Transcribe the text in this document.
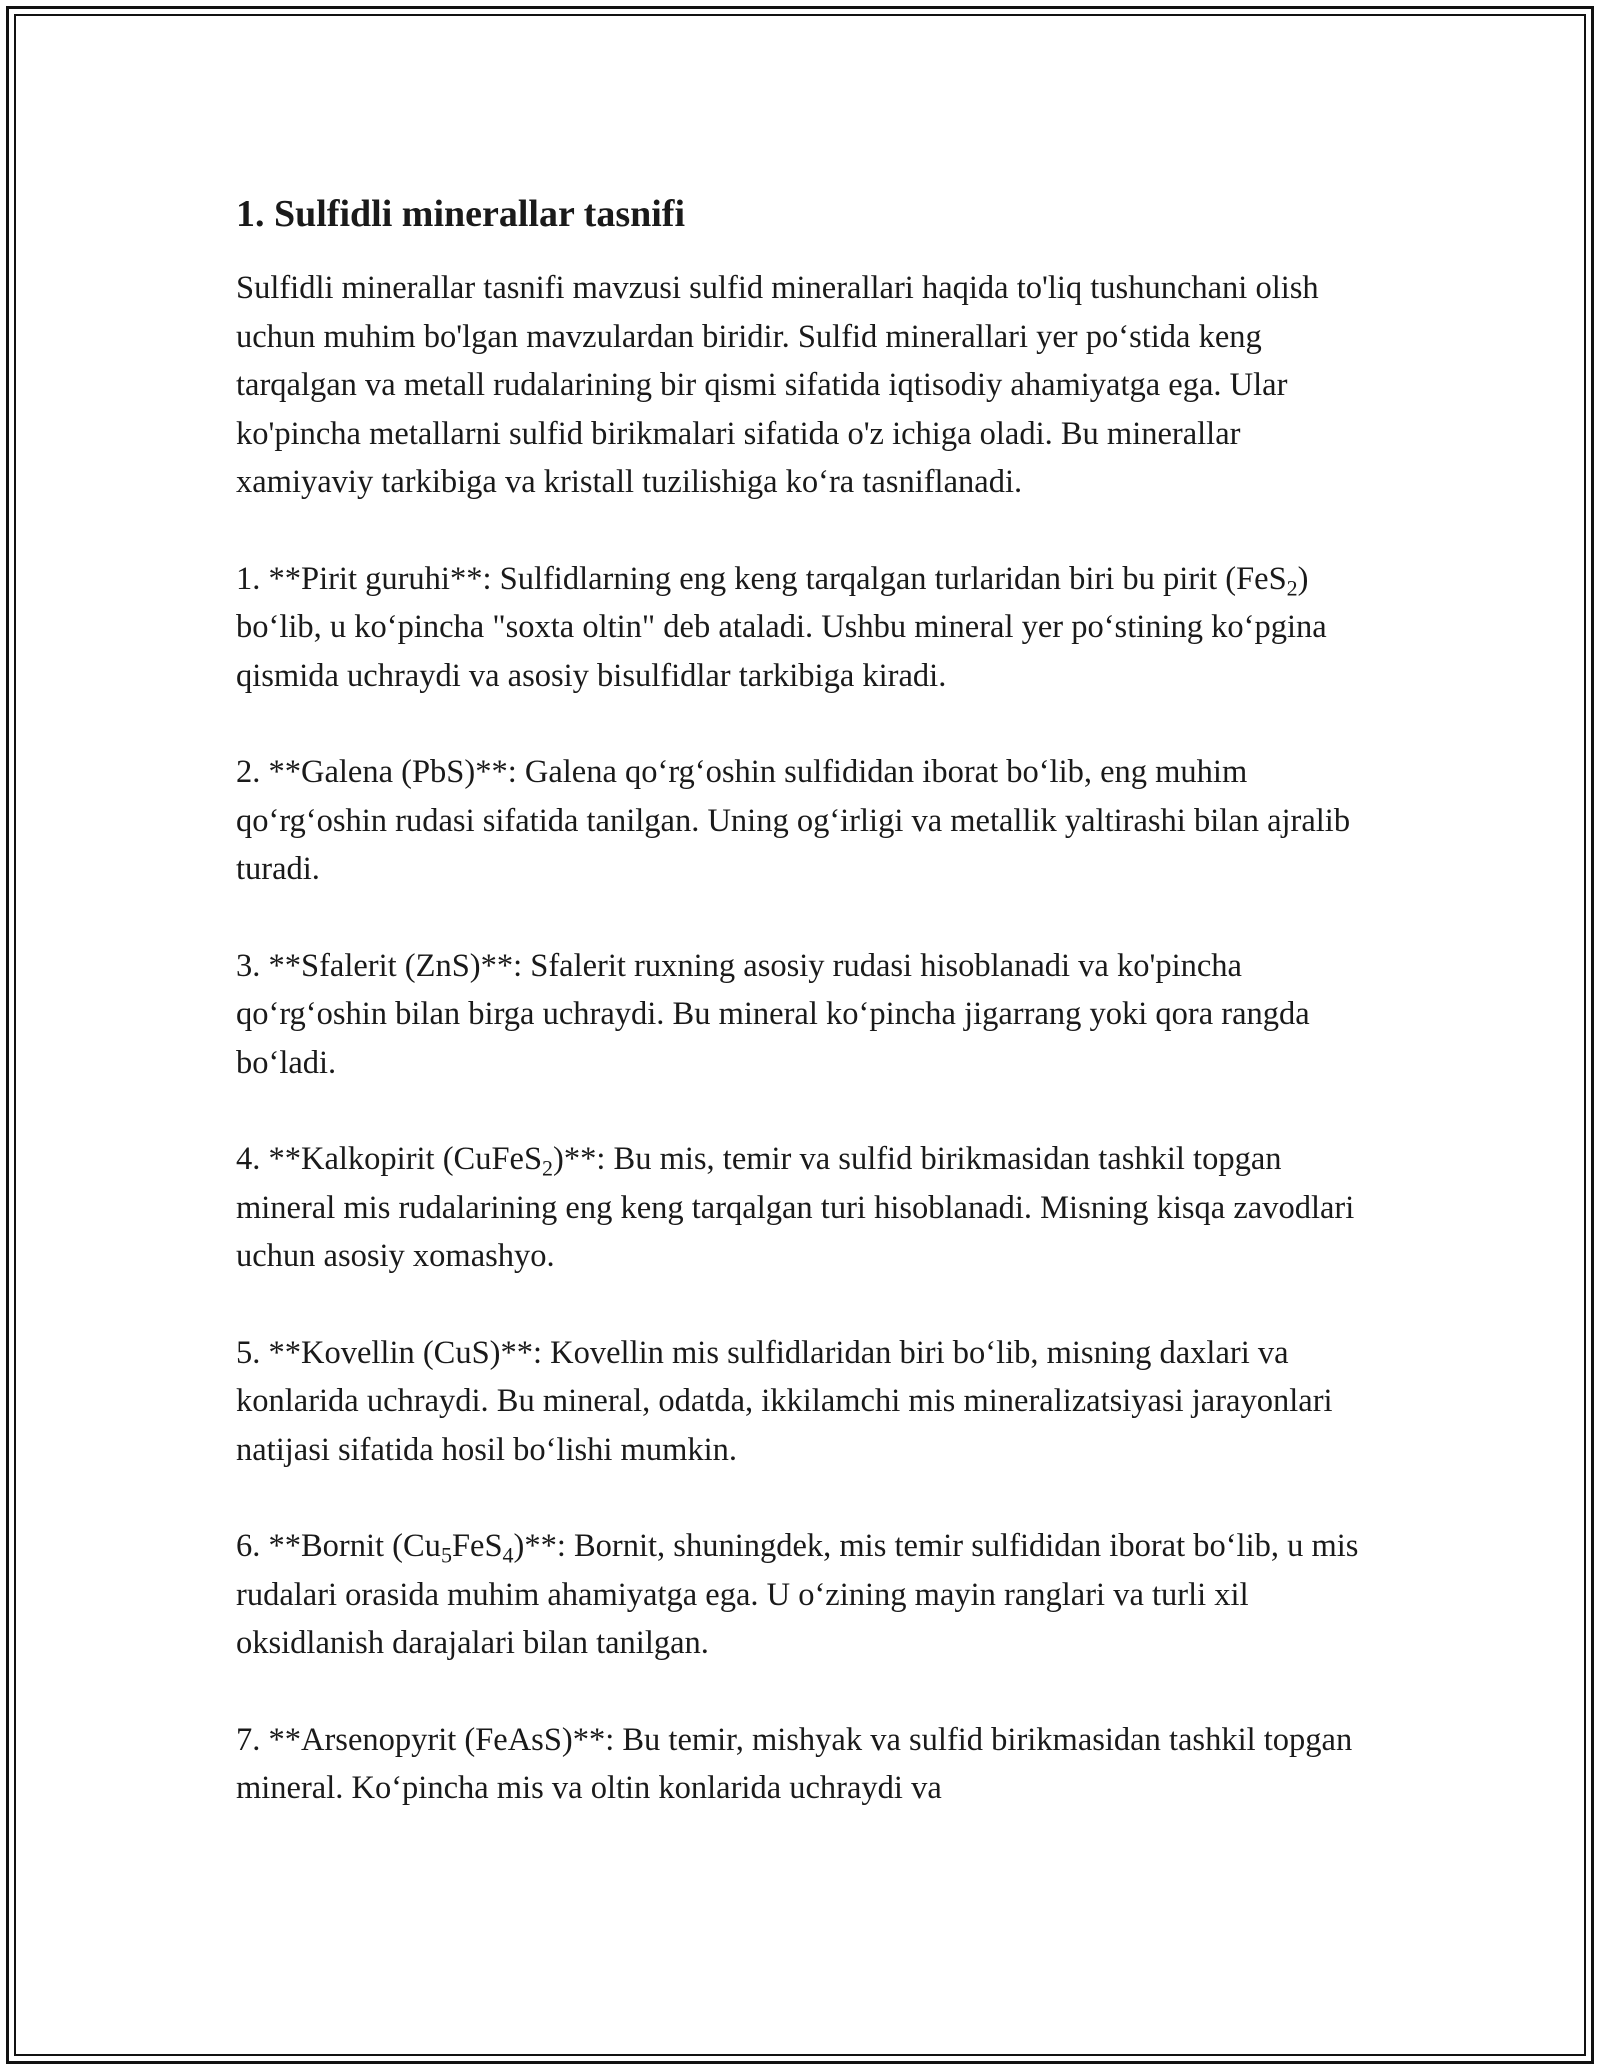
1. Sulfidli minerallar tasnifi

Sulfidli minerallar tasnifi mavzusi sulfid minerallari haqida to'liq tushunchani olish uchun muhim bo'lgan mavzulardan biridir. Sulfid minerallari yer po‘stida keng tarqalgan va metall rudalarining bir qismi sifatida iqtisodiy ahamiyatga ega. Ular ko'pincha metallarni sulfid birikmalari sifatida o'z ichiga oladi. Bu minerallar xamiyaviy tarkibiga va kristall tuzilishiga ko‘ra tasniflanadi.

1. **Pirit guruhi**: Sulfidlarning eng keng tarqalgan turlaridan biri bu pirit (FeS$_2$) bo‘lib, u ko‘pincha "soxta oltin" deb ataladi. Ushbu mineral yer po‘stining ko‘pgina qismida uchraydi va asosiy bisulfidlar tarkibiga kiradi.

2. **Galena (PbS)**: Galena qo‘rg‘oshin sulfididan iborat bo‘lib, eng muhim qo‘rg‘oshin rudasi sifatida tanilgan. Uning og‘irligi va metallik yaltirashi bilan ajralib turadi.

3. **Sfalerit (ZnS)**: Sfalerit ruxning asosiy rudasi hisoblanadi va ko'pincha qo‘rg‘oshin bilan birga uchraydi. Bu mineral ko‘pincha jigarrang yoki qora rangda bo‘ladi.

4. **Kalkopirit (CuFeS$_2$)**: Bu mis, temir va sulfid birikmasidan tashkil topgan mineral mis rudalarining eng keng tarqalgan turi hisoblanadi. Misning kisqa zavodlari uchun asosiy xomashyo.

5. **Kovellin (CuS)**: Kovellin mis sulfidlaridan biri bo‘lib, misning daxlari va konlarida uchraydi. Bu mineral, odatda, ikkilamchi mis mineralizatsiyasi jarayonlari natijasi sifatida hosil bo‘lishi mumkin.

6. **Bornit $(Cu_5FeS_4)**$: Bornit, shuningdek, mis temir sulfididan iborat bo‘lib, u mis rudalari orasida muhim ahamiyatga ega. U o‘zining mayin ranglari va turli xil oksidlanish darajalari bilan tanilgan.

7. **Arsenopyrit (FeAsS)**: Bu temir, mishyak va sulfid birikmasidan tashkil topgan mineral. Ko‘pincha mis va oltin konlarida uchraydi va
